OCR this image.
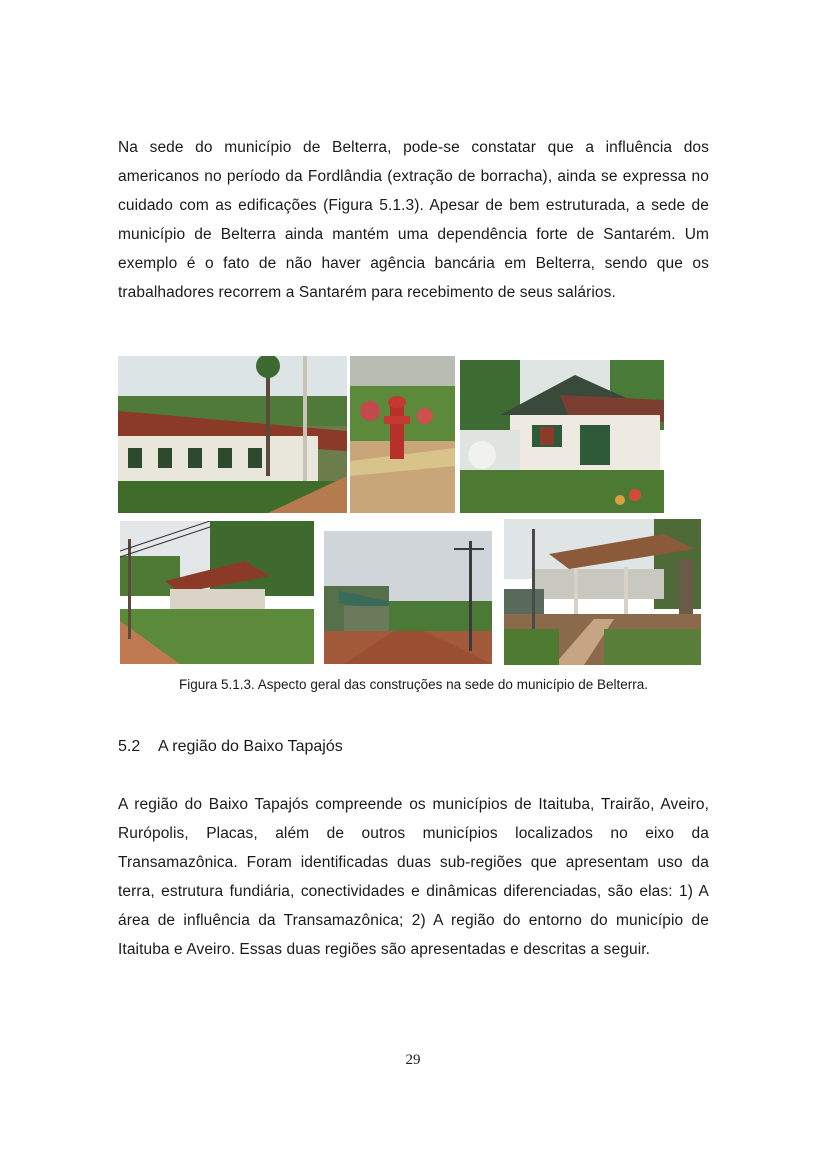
Na sede do município de Belterra, pode-se constatar que a influência dos americanos no período da Fordlândia (extração de borracha), ainda se expressa no cuidado com as edificações (Figura 5.1.3). Apesar de bem estruturada, a sede de município de Belterra ainda mantém uma dependência forte de Santarém. Um exemplo é o fato de não haver agência bancária em Belterra, sendo que os trabalhadores recorrem a Santarém para recebimento de seus salários.

Figura 5.1.3. Aspecto geral das construções na sede do município de Belterra.
5.2 A região do Baixo Tapajós

A região do Baixo Tapajós compreende os municípios de Itaituba, Trairão, Aveiro, Rurópolis, Placas, além de outros municípios localizados no eixo da Transamazônica. Foram identificadas duas sub-regiões que apresentam uso da terra, estrutura fundiária, conectividades e dinâmicas diferenciadas, são elas: 1) A área de influência da Transamazônica; 2) A região do entorno do município de Itaituba e Aveiro. Essas duas regiões são apresentadas e descritas a seguir.

29
